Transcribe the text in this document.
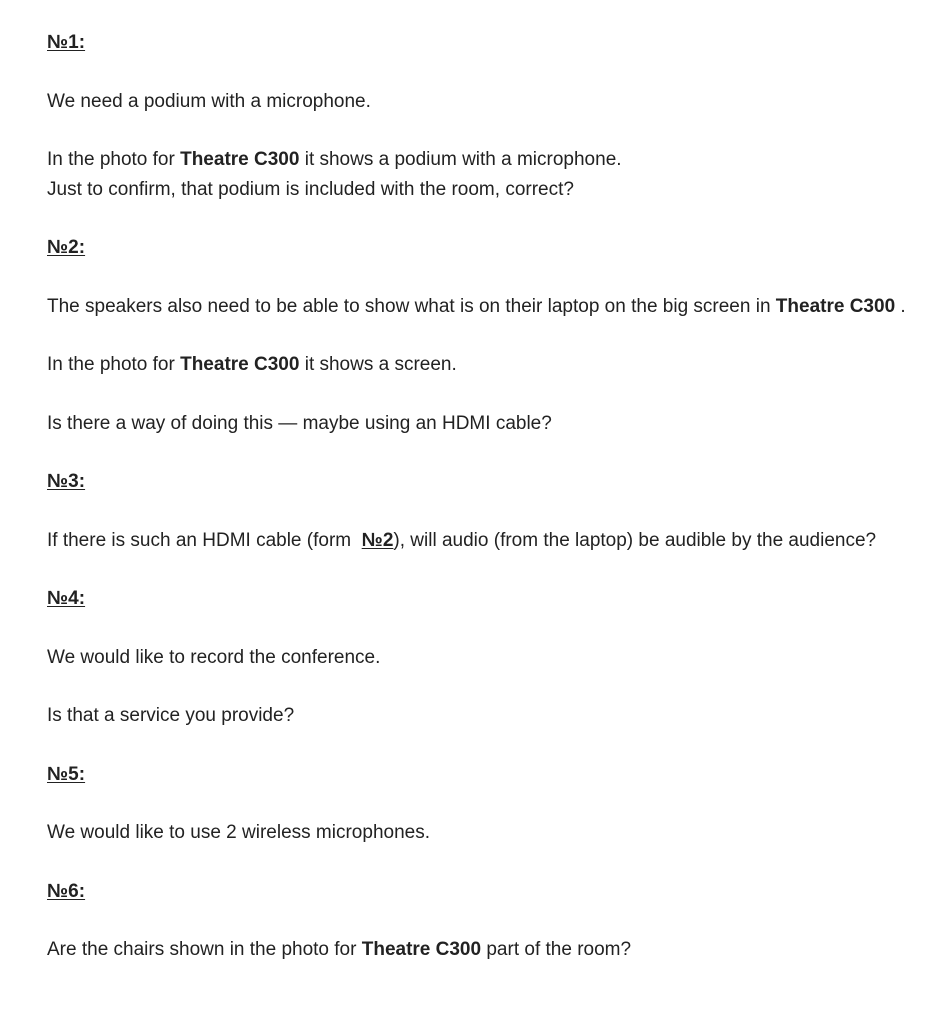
№1:
We need a podium with a microphone.
In the photo for Theatre C300 it shows a podium with a microphone.
Just to confirm, that podium is included with the room, correct?
№2:
The speakers also need to be able to show what is on their laptop on the big screen in Theatre C300 .
In the photo for Theatre C300 it shows a screen.
Is there a way of doing this — maybe using an HDMI cable?
№3:
If there is such an HDMI cable (form  №2), will audio (from the laptop) be audible by the audience?
№4:
We would like to record the conference.
Is that a service you provide?
№5:
We would like to use 2 wireless microphones.
№6:
Are the chairs shown in the photo for Theatre C300 part of the room?
